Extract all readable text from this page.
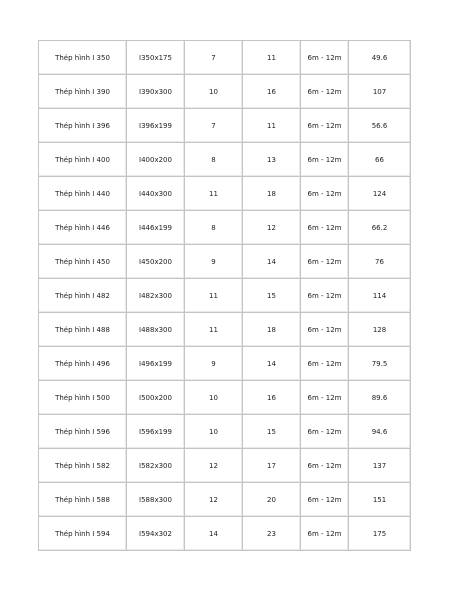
Thép hình I 350	I350x175	7	11	6m - 12m	49.6
Thép hình I 390	I390x300	10	16	6m - 12m	107
Thép hình I 396	I396x199	7	11	6m - 12m	56.6
Thép hình I 400	I400x200	8	13	6m - 12m	66
Thép hình I 440	I440x300	11	18	6m - 12m	124
Thép hình I 446	I446x199	8	12	6m - 12m	66.2
Thép hình I 450	I450x200	9	14	6m - 12m	76
Thép hình I 482	I482x300	11	15	6m - 12m	114
Thép hình I 488	I488x300	11	18	6m - 12m	128
Thép hình I 496	I496x199	9	14	6m - 12m	79.5
Thép hình I 500	I500x200	10	16	6m - 12m	89.6
Thép hình I 596	I596x199	10	15	6m - 12m	94.6
Thép hình I 582	I582x300	12	17	6m - 12m	137
Thép hình I 588	I588x300	12	20	6m - 12m	151
Thép hình I 594	I594x302	14	23	6m - 12m	175
